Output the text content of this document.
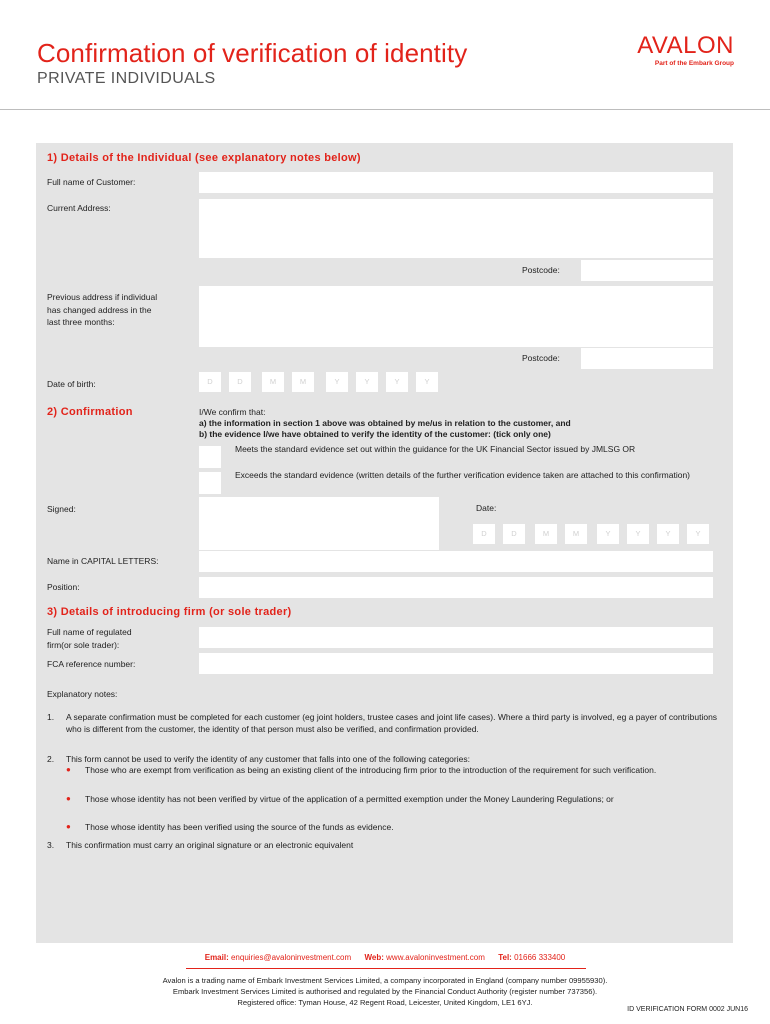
Confirmation of verification of identity
PRIVATE INDIVIDUALS
AVALON
Part of the Embark Group
1) Details of the Individual (see explanatory notes below)
Full name of Customer:
Current Address:
Postcode:
Previous address if individual has changed address in the last three months:
Postcode:
Date of birth:	D	D	M	M	Y	Y	Y	Y
2) Confirmation	I/We confirm that:
a) the information in section 1 above was obtained by me/us in relation to the customer, and
b) the evidence I/we have obtained to verify the identity of the customer: (tick only one)
Meets the standard evidence set out within the guidance for the UK Financial Sector issued by JMLSG OR
Exceeds the standard evidence (written details of the further verification evidence taken are attached to this confirmation)
Signed:	Date:
D	D	M	M	Y	Y	Y	Y
Name in CAPITAL LETTERS:
Position:
3) Details of introducing firm (or sole trader)
Full name of regulated firm(or sole trader):
FCA reference number:
Explanatory notes:
1. A separate confirmation must be completed for each customer (eg joint holders, trustee cases and joint life cases). Where a third party is involved, eg a payer of contributions who is different from the customer, the identity of that person must also be verified, and confirmation provided.
2. This form cannot be used to verify the identity of any customer that falls into one of the following categories:
● Those who are exempt from verification as being an existing client of the introducing firm prior to the introduction of the requirement for such verification.
● Those whose identity has not been verified by virtue of the application of a permitted exemption under the Money Laundering Regulations; or
● Those whose identity has been verified using the source of the funds as evidence.
3. This confirmation must carry an original signature or an electronic equivalent
Email: enquiries@avaloninvestment.com Web: www.avaloninvestment.com Tel: 01666 333400
Avalon is a trading name of Embark Investment Services Limited, a company incorporated in England (company number 09955930).
Embark Investment Services Limited is authorised and regulated by the Financial Conduct Authority (register number 737356).
Registered office: Tyman House, 42 Regent Road, Leicester, United Kingdom, LE1 6YJ.
ID VERIFICATION FORM 0002 JUN16
